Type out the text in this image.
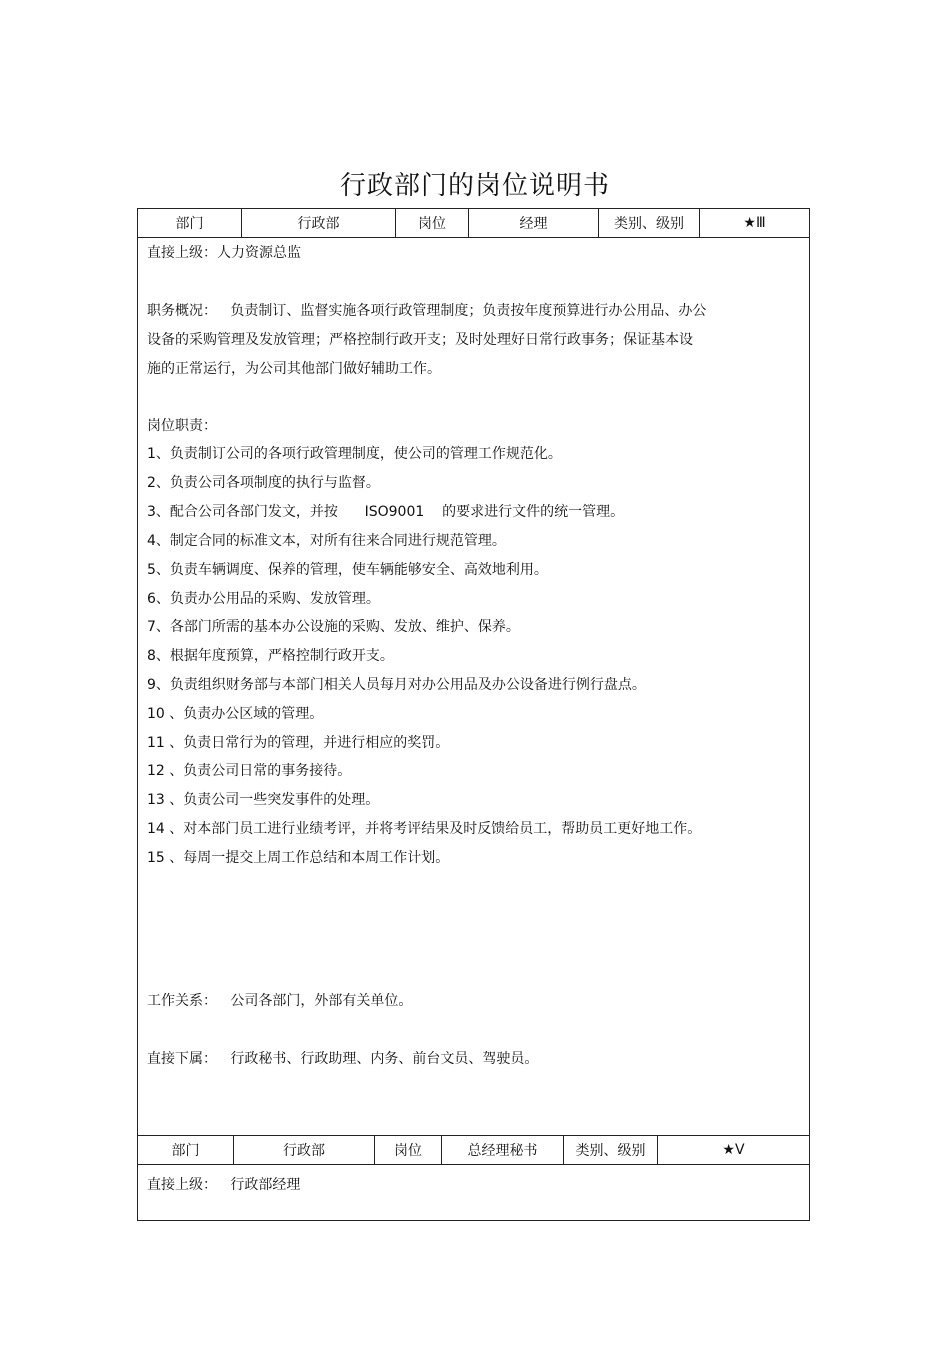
行政部门的岗位说明书
部门	行政部	岗位	经理	类别、级别	★Ⅲ
直接上级：人力资源总监
职务概况：   负责制订、监督实施各项行政管理制度；负责按年度预算进行办公用品、办公
设备的采购管理及发放管理；严格控制行政开支；及时处理好日常行政事务；保证基本设
施的正常运行，为公司其他部门做好辅助工作。
岗位职责：
1、负责制订公司的各项行政管理制度，使公司的管理工作规范化。
2、负责公司各项制度的执行与监督。
3、配合公司各部门发文，并按      ISO9001    的要求进行文件的统一管理。
4、制定合同的标准文本，对所有往来合同进行规范管理。
5、负责车辆调度、保养的管理，使车辆能够安全、高效地利用。
6、负责办公用品的采购、发放管理。
7、各部门所需的基本办公设施的采购、发放、维护、保养。
8、根据年度预算，严格控制行政开支。
9、负责组织财务部与本部门相关人员每月对办公用品及办公设备进行例行盘点。
10 、负责办公区域的管理。
11 、负责日常行为的管理，并进行相应的奖罚。
12 、负责公司日常的事务接待。
13 、负责公司一些突发事件的处理。
14 、对本部门员工进行业绩考评，并将考评结果及时反馈给员工，帮助员工更好地工作。
15 、每周一提交上周工作总结和本周工作计划。
工作关系：   公司各部门，外部有关单位。
直接下属：   行政秘书、行政助理、内务、前台文员、驾驶员。
部门	行政部	岗位	总经理秘书	类别、级别	★Ⅴ
直接上级：   行政部经理
